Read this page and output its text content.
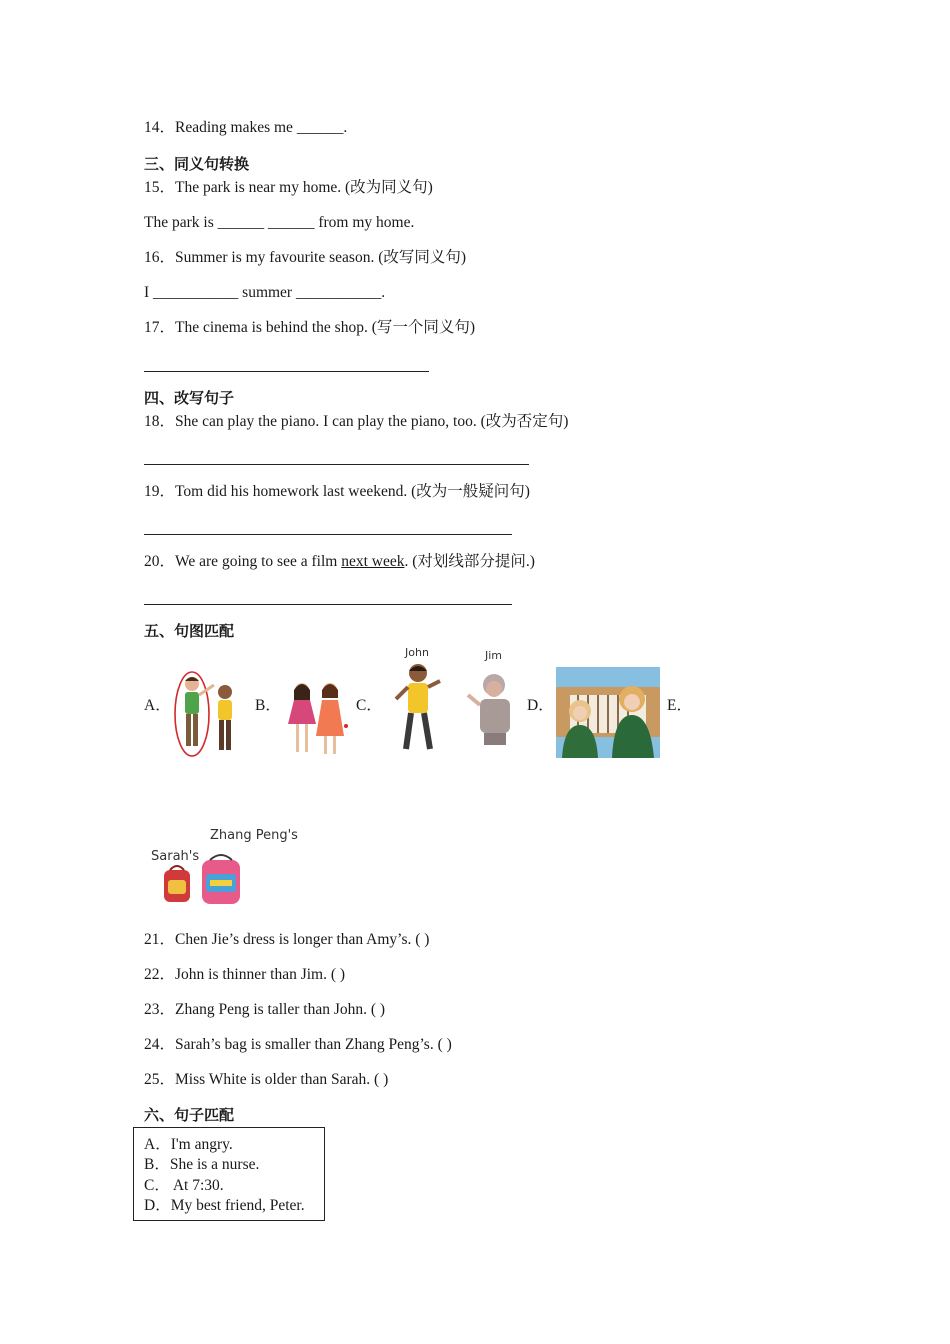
14．Reading makes me ______.
三、同义句转换
15．The park is near my home. (改为同义句)
The park is ______ ______ from my home.
16．Summer is my favourite season. (改写同义句)
I ___________ summer ___________.
17．The cinema is behind the shop. (写一个同义句)
四、改写句子
18．She can play the piano. I can play the piano, too. (改为否定句)
19．Tom did his homework last weekend. (改为一般疑问句)
20．We are going to see a film next week. (对划线部分提问.)
五、句图匹配
A．	B．	C．	D．	E．
John	Jim
Zhang Peng's
Sarah's
21．Chen Jie’s dress is longer than Amy’s. ( )
22．John is thinner than Jim. ( )
23．Zhang Peng is taller than John. ( )
24．Sarah’s bag is smaller than Zhang Peng’s. ( )
25．Miss White is older than Sarah. ( )
六、句子匹配
A．I'm angry.
B．She is a nurse.
C． At 7:30.
D．My best friend, Peter.
